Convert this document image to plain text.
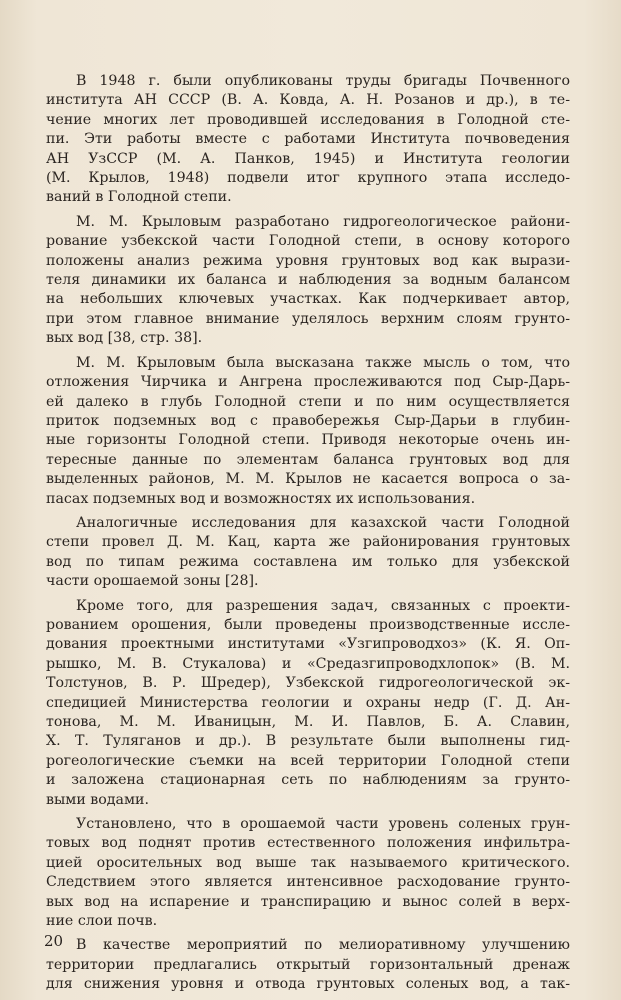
В 1948 г. были опубликованы труды бригады Почвенного
института АН СССР (В. А. Ковда, А. Н. Розанов и др.), в те-
чение многих лет проводившей исследования в Голодной сте-
пи. Эти работы вместе с работами Института почвоведения
АН УзССР (М. А. Панков, 1945) и Института геологии
(М. Крылов, 1948) подвели итог крупного этапа исследо-
ваний в Голодной степи.

М. М. Крыловым разработано гидрогеологическое райони-
рование узбекской части Голодной степи, в основу которого
положены анализ режима уровня грунтовых вод как вырази-
теля динамики их баланса и наблюдения за водным балансом
на небольших ключевых участках. Как подчеркивает автор,
при этом главное внимание уделялось верхним слоям грунто-
вых вод [38, стр. 38].

М. М. Крыловым была высказана также мысль о том, что
отложения Чирчика и Ангрена прослеживаются под Сыр-Дарь-
ей далеко в глубь Голодной степи и по ним осуществляется
приток подземных вод с правобережья Сыр-Дарьи в глубин-
ные горизонты Голодной степи. Приводя некоторые очень ин-
тересные данные по элементам баланса грунтовых вод для
выделенных районов, М. М. Крылов не касается вопроса о за-
пасах подземных вод и возможностях их использования.

Аналогичные исследования для казахской части Голодной
степи провел Д. М. Кац, карта же районирования грунтовых
вод по типам режима составлена им только для узбекской
части орошаемой зоны [28].

Кроме того, для разрешения задач, связанных с проекти-
рованием орошения, были проведены производственные иссле-
дования проектными институтами «Узгипроводхоз» (К. Я. Оп-
рышко, М. В. Стукалова) и «Средазгипроводхлопок» (В. М.
Толстунов, В. Р. Шредер), Узбекской гидрогеологической эк-
спедицией Министерства геологии и охраны недр (Г. Д. Ан-
тонова, М. М. Иваницын, М. И. Павлов, Б. А. Славин,
Х. Т. Туляганов и др.). В результате были выполнены гид-
рогеологические съемки на всей территории Голодной степи
и заложена стационарная сеть по наблюдениям за грунто-
выми водами.

Установлено, что в орошаемой части уровень соленых грун-
товых вод поднят против естественного положения инфильтра-
цией оросительных вод выше так называемого критического.
Следствием этого является интенсивное расходование грунто-
вых вод на испарение и транспирацию и вынос солей в верх-
ние слои почв.

В качестве мероприятий по мелиоративному улучшению
территории предлагались открытый горизонтальный дренаж
для снижения уровня и отвода грунтовых соленых вод, а так-

20
